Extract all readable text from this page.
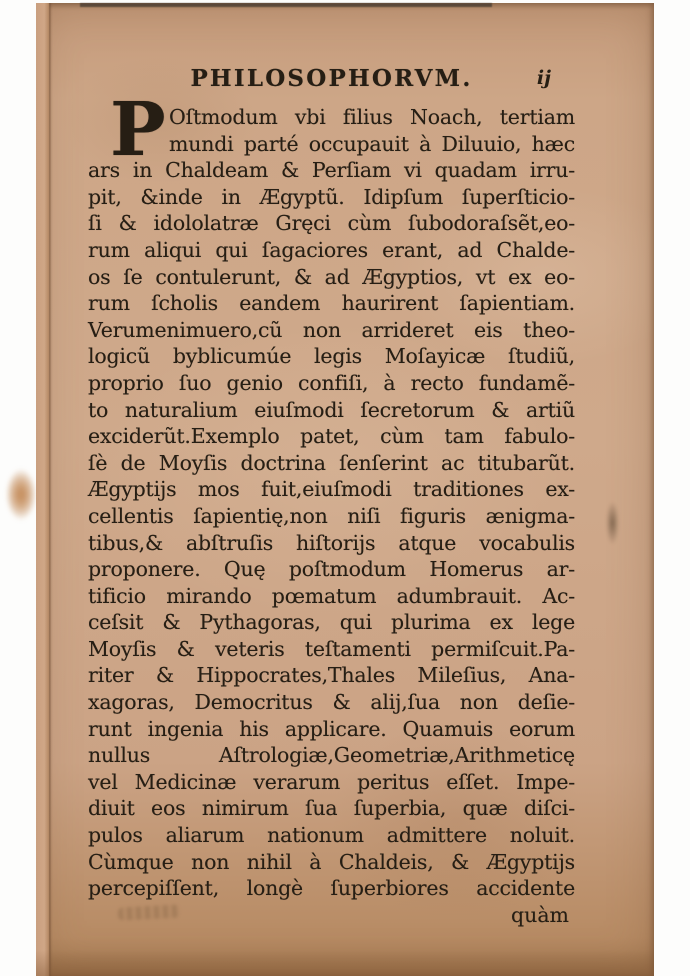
PHILOSOPHORVM.	ij
P Oſtmodum vbi filius Noach, tertiam
mundi parté occupauit à Diluuio, hæc
ars in Chaldeam & Perſiam vi quadam irru-
pit, &inde in Ægyptũ. Idipſum ſuperſticio-
ſi & idololatræ Gręci cùm ſubodoraſsẽt,eo-
rum aliqui qui ſagaciores erant, ad Chalde-
os ſe contulerunt, & ad Ægyptios, vt ex eo-
rum ſcholis eandem haurirent ſapientiam.
Verumenimuero,cũ non arrideret eis theo-
logicũ byblicumúe legis Moſayicæ ſtudiũ,
proprio ſuo genio confiſi, à recto fundamẽ-
to naturalium eiuſmodi ſecretorum & artiũ
exciderũt.Exemplo patet, cùm tam fabulo-
ſè de Moyſis doctrina ſenſerint ac titubarũt.
Ægyptijs mos fuit,eiuſmodi traditiones ex-
cellentis ſapientię,non niſi figuris ænigma-
tibus,& abſtruſis hiſtorijs atque vocabulis
proponere. Quę poſtmodum Homerus ar-
tificio mirando pœmatum adumbrauit. Ac-
ceſsit & Pythagoras, qui plurima ex lege
Moyſis & veteris teſtamenti permiſcuit.Pa-
riter & Hippocrates,Thales Mileſius, Ana-
xagoras, Democritus & alij,ſua non deſie-
runt ingenia his applicare. Quamuis eorum
nullus Aſtrologiæ,Geometriæ,Arithmeticę
vel Medicinæ verarum peritus eſſet. Impe-
diuit eos nimirum ſua ſuperbia, quæ diſci-
pulos aliarum nationum admittere noluit.
Cùmque non nihil à Chaldeis, & Ægyptijs
percepiſſent, longè ſuperbiores accidente
quàm
